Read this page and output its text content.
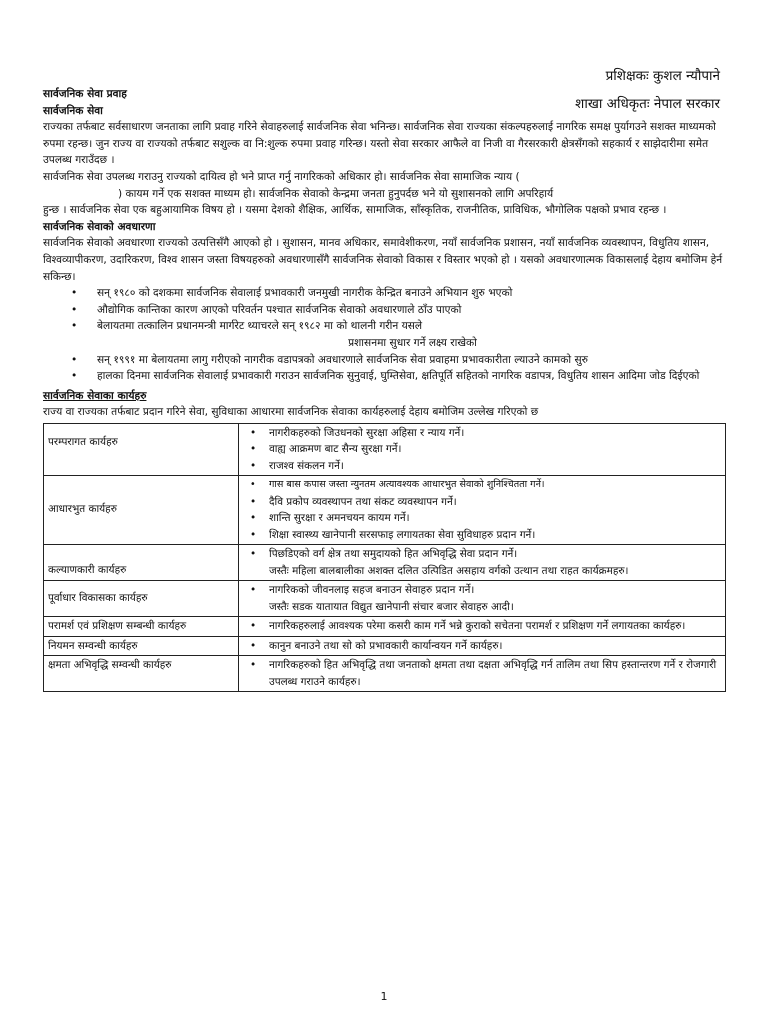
प्रशिक्षकः कुशल न्यौपाने
शाखा अधिकृतः नेपाल सरकार

सार्वजनिक सेवा प्रवाह

सार्वजनिक सेवा

राज्यका तर्फबाट सर्वसाधारण जनताका लागि प्रवाह गरिने सेवाहरुलाई सार्वजनिक सेवा भनिन्छ। सार्वजनिक सेवा राज्यका संकल्पहरुलाई नागरिक समक्ष पुर्यागउने सशक्त माध्यमको रुपमा रहन्छ। जुन राज्य वा राज्यको तर्फबाट सशुल्क वा नि:शुल्क रुपमा प्रवाह गरिन्छ। यस्तो सेवा सरकार आफैले वा निजी वा गैरसरकारी क्षेत्रसँगको सहकार्य र साझेदारीमा समेत उपलब्ध गराउँदछ ।

सार्वजनिक सेवा उपलब्ध गराउनु राज्यको दायित्व हो भने प्राप्त गर्नु नागरिकको अधिकार हो। सार्वजनिक सेवा सामाजिक न्याय (

) कायम गर्ने एक सशक्त माध्यम हो। सार्वजनिक सेवाको केन्द्रमा जनता हुनुपर्दछ भने यो सुशासनको लागि अपरिहार्य

हुन्छ । सार्वजनिक सेवा एक बहुआयामिक विषय हो । यसमा देशको शैक्षिक, आर्थिक, सामाजिक, साँस्कृतिक, राजनीतिक, प्राविधिक, भौगोलिक पक्षको प्रभाव रहन्छ ।

सार्वजनिक सेवाको अवधारणा

सार्वजनिक सेवाको अवधारणा राज्यको उत्पत्तिसँगै आएको हो । सुशासन, मानव अधिकार, समावेशीकरण, नयाँ सार्वजनिक प्रशासन, नयाँ सार्वजनिक व्यवस्थापन, विधुतिय शासन, विश्वव्यापीकरण, उदारिकरण, विश्व शासन जस्ता विषयहरुको अवधारणासँगै सार्वजनिक सेवाको विकास र विस्तार भएको हो । यसको अवधारणात्मक विकासलाई देहाय बमोजिम हेर्न सकिन्छ।

• सन् १९८० को दशकमा सार्वजनिक सेवालाई प्रभावकारी जनमुखी नागरीक केन्द्रित बनाउने अभियान शुरु भएको
• औद्योगिक कान्तिका कारण आएको परिवर्तन पश्चात सार्वजनिक सेवाको अवधारणाले ठाँउ पाएको
• बेलायतमा तत्कालिन प्रधानमन्त्री मार्गरेट थ्याचरले सन् १९८२ मा को थालनी गरीन यसले
प्रशासनमा सुधार गर्ने लक्ष्य राखेको
• सन् १९९१ मा बेलायतमा लागु गरीएको नागरीक वडापत्रको अवधारणाले सार्वजनिक सेवा प्रवाहमा प्रभावकारीता ल्याउने कामको सुरु
• हालका दिनमा सार्वजनिक सेवालाई प्रभावकारी गराउन सार्वजनिक सुनुवाई, घुम्तिसेवा, क्षतिपूर्ति सहितको नागरिक वडापत्र, विधुतिय शासन आदिमा जोड दिईएको

सार्वजनिक सेवाका कार्यहरु

राज्य वा राज्यका तर्फबाट प्रदान गरिने सेवा, सुविधाका आधारमा सार्वजनिक सेवाका कार्यहरुलाई देहाय बमोजिम उल्लेख गरिएको छ

परम्परागत कार्यहरु	• नागरीकहरुको जिउधनको सुरक्षा अहिसा र न्याय गर्ने।
• वाह्य आक्रमण बाट सैन्य सुरक्षा गर्ने।
• राजश्व संकलन गर्ने।

आधारभुत कार्यहरु	• गास बास कपास जस्ता न्युनतम अत्यावश्यक आधारभुत सेवाको शुनिश्चितता गर्ने।
• दैवि प्रकोप व्यवस्थापन तथा संकट व्यवस्थापन गर्ने।
• शान्ति सुरक्षा र अमनचयन कायम गर्ने।
• शिक्षा स्वास्थ्य खानेपानी सरसफाइ लगायतका सेवा सुविधाहरु प्रदान गर्ने।

कल्याणकारी कार्यहरु	• पिछडिएको वर्ग क्षेत्र तथा समुदायको हित अभिवृद्धि सेवा प्रदान गर्ने।
जस्तैः महिला बालबालीका अशक्त दलित उत्पिडित असहाय वर्गको उत्थान तथा राहत कार्यक्रमहरु।

पूर्वाधार विकासका कार्यहरु	• नागरिकको जीवनलाइ सहज बनाउन सेवाहरु प्रदान गर्ने।
जस्तैः सडक यातायात विद्युत खानेपानी संचार बजार सेवाहरु आदी।

परामर्श एवं प्रशिक्षण सम्बन्धी कार्यहरु	• नागरिकहरुलाई आवश्यक परेमा कसरी काम गर्ने भन्ने कुराको सचेतना परामर्श र प्रशिक्षण गर्ने लगायतका कार्यहरु।

नियमन सम्वन्धी कार्यहरु	• कानुन बनाउने तथा सो को प्रभावकारी कार्यान्वयन गर्ने कार्यहरु।

क्षमता अभिवृद्धि सम्वन्धी कार्यहरु	• नागरिकहरुको हित अभिवृद्धि तथा जनताको क्षमता तथा दक्षता अभिवृद्धि गर्न तालिम तथा सिप हस्तान्तरण गर्ने र रोजगारी उपलब्ध गराउने कार्यहरु।
1
